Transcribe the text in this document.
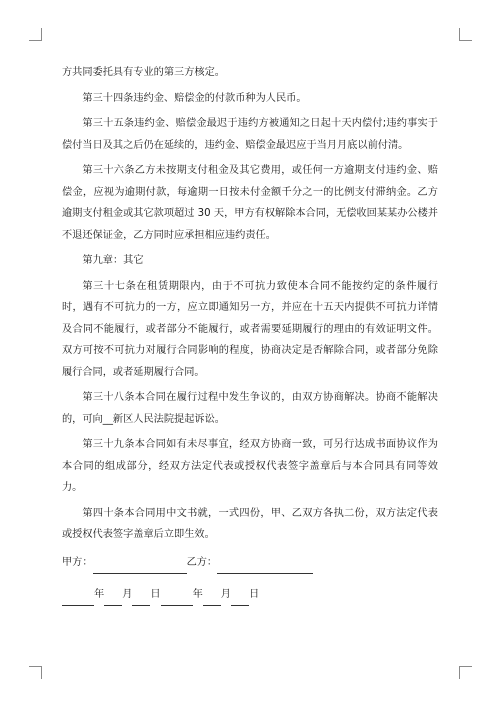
方共同委托具有专业的第三方核定。

第三十四条违约金、赔偿金的付款币种为人民币。

第三十五条违约金、赔偿金最迟于违约方被通知之日起十天内偿付;违约事实于偿付当日及其之后仍在延续的，违约金、赔偿金最迟应于当月月底以前付清。

第三十六条乙方未按期支付租金及其它费用，或任何一方逾期支付违约金、赔偿金，应视为逾期付款，每逾期一日按未付金额千分之一的比例支付滞纳金。乙方逾期支付租金或其它款项超过 30 天，甲方有权解除本合同，无偿收回某某办公楼并不退还保证金，乙方同时应承担相应违约责任。

第九章：其它

第三十七条在租赁期限内，由于不可抗力致使本合同不能按约定的条件履行时，遇有不可抗力的一方，应立即通知另一方，并应在十五天内提供不可抗力详情及合同不能履行，或者部分不能履行，或者需要延期履行的理由的有效证明文件。双方可按不可抗力对履行合同影响的程度，协商决定是否解除合同，或者部分免除履行合同，或者延期履行合同。

第三十八条本合同在履行过程中发生争议的，由双方协商解决。协商不能解决的，可向__新区人民法院提起诉讼。

第三十九条本合同如有未尽事宜，经双方协商一致，可另行达成书面协议作为本合同的组成部分，经双方法定代表或授权代表签字盖章后与本合同具有同等效力。

第四十条本合同用中文书就，一式四份，甲、乙双方各执二份，双方法定代表或授权代表签字盖章后立即生效。

甲方：	乙方：
年 月 日	年 月 日
